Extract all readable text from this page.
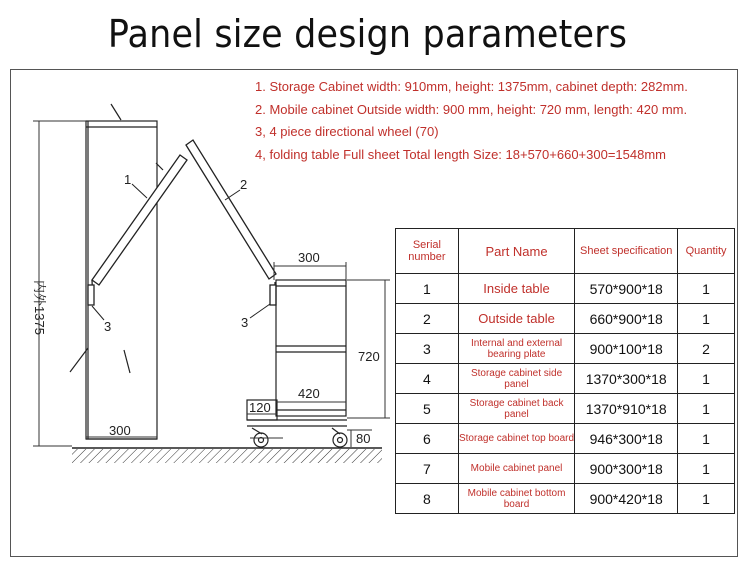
Panel size design parameters
1. Storage Cabinet width: 910mm, height: 1375mm, cabinet depth: 282mm.
2. Mobile cabinet Outside width: 900 mm, height: 720 mm, length: 420 mm.
3, 4 piece directional wheel (70)
4, folding table Full sheet Total length Size: 18+570+660+300=1548mm
1	2
3	3
内外1375
300
300
720
420
120
80
Serial number	Part Name	Sheet specification	Quantity
1	Inside table	570*900*18	1
2	Outside table	660*900*18	1
3	Internal and external bearing plate	900*100*18	2
4	Storage cabinet side panel	1370*300*18	1
5	Storage cabinet back panel	1370*910*18	1
6	Storage cabinet top board	946*300*18	1
7	Mobile cabinet panel	900*300*18	1
8	Mobile cabinet bottom board	900*420*18	1
